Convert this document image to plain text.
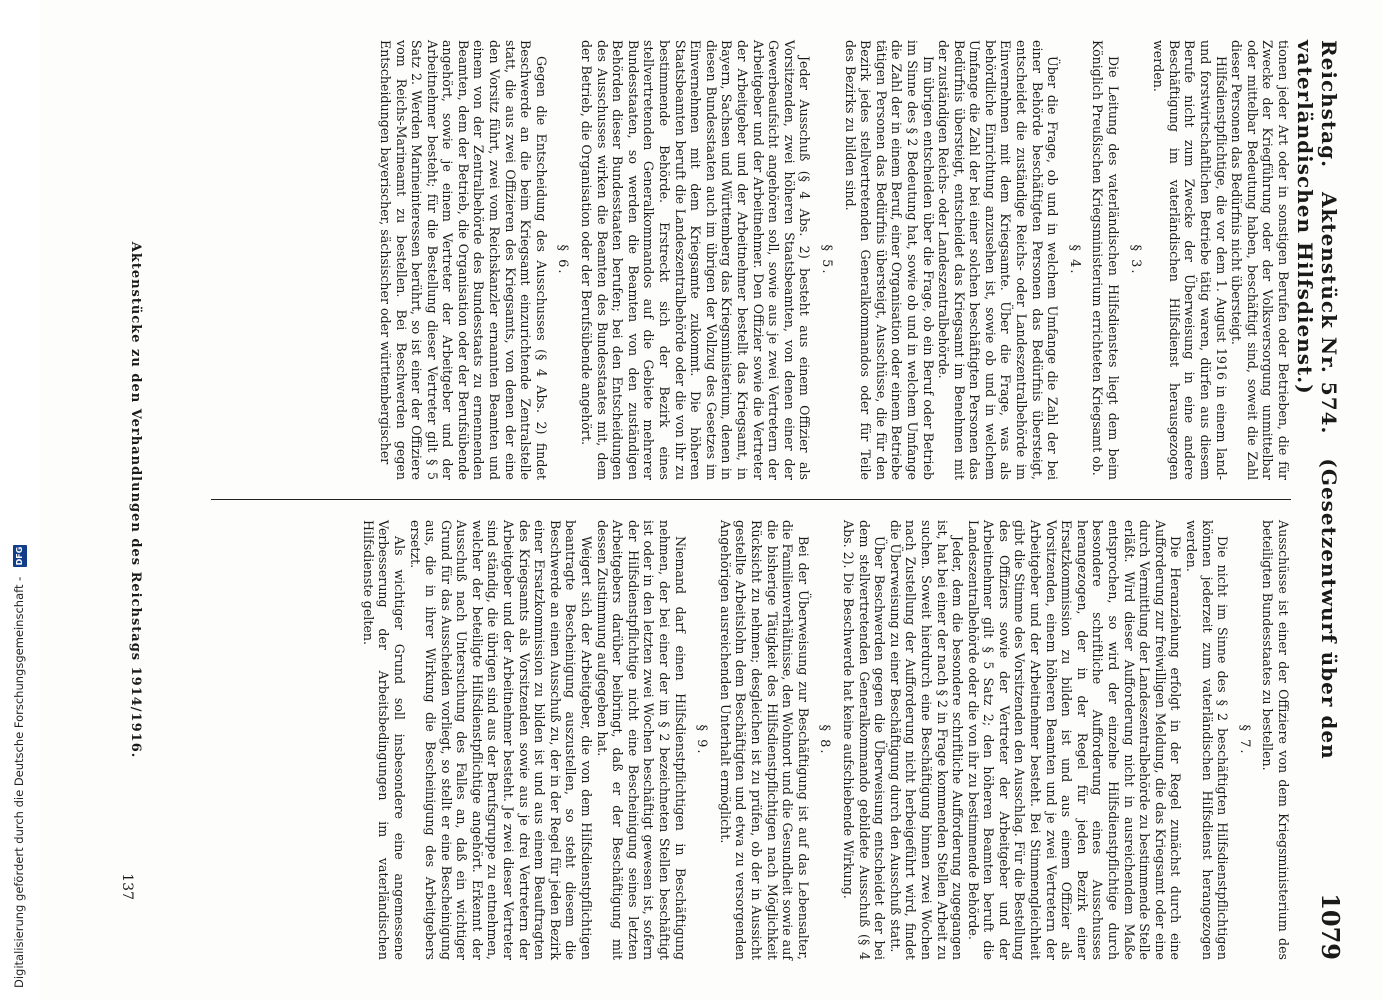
Digitalisierung gefördert durch die Deutsche Forschungsgemeinschaft - DFG
Reichstag.   Aktenstück Nr. 574.   (Gesetzentwurf über den vaterländischen Hilfsdienst.)
1079

tionen jeder Art oder in sonstigen Berufen oder Betrieben, die für Zwecke der Kriegführung oder der Volksversorgung unmittelbar oder mittelbar Bedeutung haben, beschäftigt sind, soweit die Zahl dieser Personen das Bedürfnis nicht übersteigt.

Hilfsdienstpflichtige, die vor dem 1. August 1916 in einem land- und forstwirtschaftlichen Betriebe tätig waren, dürfen aus diesem Berufe nicht zum Zwecke der Überweisung in eine andere Beschäftigung im vaterländischen Hilfsdienst herausgezogen werden.

§ 3.

Die Leitung des vaterländischen Hilfsdienstes liegt dem beim Königlich Preußischen Kriegsministerium errichteten Kriegsamt ob.

§ 4.

Über die Frage, ob und in welchem Umfange die Zahl der bei einer Behörde beschäftigten Personen das Bedürfnis übersteigt, entscheidet die zuständige Reichs- oder Landeszentralbehörde im Einvernehmen mit dem Kriegsamte. Über die Frage, was als behördliche Einrichtung anzusehen ist, sowie ob und in welchem Umfange die Zahl der bei einer solchen beschäftigten Personen das Bedürfnis übersteigt, entscheidet das Kriegsamt im Benehmen mit der zuständigen Reichs- oder Landeszentralbehörde.

Im übrigen entscheiden über die Frage, ob ein Beruf oder Betrieb im Sinne des § 2 Bedeutung hat, sowie ob und in welchem Umfange die Zahl der in einem Beruf, einer Organisation oder einem Betriebe tätigen Personen das Bedürfnis übersteigt, Ausschüsse, die für den Bezirk jedes stellvertretenden Generalkommandos oder für Teile des Bezirks zu bilden sind.

§ 5.

Jeder Ausschuß (§ 4 Abs. 2) besteht aus einem Offizier als Vorsitzenden, zwei höheren Staatsbeamten, von denen einer der Gewerbeaufsicht angehören soll, sowie aus je zwei Vertretern der Arbeitgeber und der Arbeitnehmer. Den Offizier sowie die Vertreter der Arbeitgeber und der Arbeitnehmer bestellt das Kriegsamt, in Bayern, Sachsen und Württemberg das Kriegsministerium, denen in diesen Bundesstaaten auch im übrigen der Vollzug des Gesetzes im Einvernehmen mit dem Kriegsamte zukommt. Die höheren Staatsbeamten beruft die Landeszentralbehörde oder die von ihr zu bestimmende Behörde. Erstreckt sich der Bezirk eines stellvertretenden Generalkommandos auf die Gebiete mehrerer Bundesstaaten, so werden die Beamten von den zuständigen Behörden dieser Bundesstaaten berufen; bei den Entscheidungen des Ausschusses wirken die Beamten des Bundesstaates mit, dem der Betrieb, die Organisation oder der Berufsübende angehört.

§ 6.

Gegen die Entscheidung des Ausschusses (§ 4 Abs. 2) findet Beschwerde an die beim Kriegsamt einzurichtende Zentralstelle statt, die aus zwei Offizieren des Kriegsamts, von denen der eine den Vorsitz führt, zwei vom Reichskanzler ernannten Beamten und einem von der Zentralbehörde des Bundesstaats zu ernennenden Beamten, dem der Betrieb, die Organisation oder der Berufsübende angehört, sowie je einem Vertreter der Arbeitgeber und der Arbeitnehmer besteht; für die Bestellung dieser Vertreter gilt § 5 Satz 2. Werden Marineinteressen berührt, so ist einer der Offiziere vom Reichs-Marineamt zu bestellen. Bei Beschwerden gegen Entscheidungen bayerischer, sächsischer oder württembergischer

Ausschüsse ist einer der Offiziere von dem Kriegsministerium des beteiligten Bundesstaates zu bestellen.

§ 7.

Die nicht im Sinne des § 2 beschäftigten Hilfsdienstpflichtigen können jederzeit zum vaterländischen Hilfsdienst herangezogen werden.

Die Heranziehung erfolgt in der Regel zunächst durch eine Aufforderung zur freiwilligen Meldung, die das Kriegsamt oder eine durch Vermittlung der Landeszentralbehörde zu bestimmende Stelle erläßt. Wird dieser Aufforderung nicht in ausreichendem Maße entsprochen, so wird der einzelne Hilfsdienstpflichtige durch besondere schriftliche Aufforderung eines Ausschusses herangezogen, der in der Regel für jeden Bezirk einer Ersatzkommission zu bilden ist und aus einem Offizier als Vorsitzenden, einem höheren Beamten und je zwei Vertretern der Arbeitgeber und der Arbeitnehmer besteht. Bei Stimmengleichheit gibt die Stimme des Vorsitzenden den Ausschlag. Für die Bestellung des Offiziers sowie der Vertreter der Arbeitgeber und der Arbeitnehmer gilt § 5 Satz 2; den höheren Beamten beruft die Landeszentralbehörde oder die von ihr zu bestimmende Behörde.

Jeder, dem die besondere schriftliche Aufforderung zugegangen ist, hat bei einer der nach § 2 in Frage kommenden Stellen Arbeit zu suchen. Soweit hierdurch eine Beschäftigung binnen zwei Wochen nach Zustellung der Aufforderung nicht herbeigeführt wird, findet die Überweisung zu einer Beschäftigung durch den Ausschuß statt.

Über Beschwerden gegen die Überweisung entscheidet der bei dem stellvertretenden Generalkommando gebildete Ausschuß (§ 4 Abs. 2). Die Beschwerde hat keine aufschiebende Wirkung.

§ 8.

Bei der Überweisung zur Beschäftigung ist auf das Lebensalter, die Familienverhältnisse, den Wohnort und die Gesundheit sowie auf die bisherige Tätigkeit des Hilfsdienstpflichtigen nach Möglichkeit Rücksicht zu nehmen; desgleichen ist zu prüfen, ob der in Aussicht gestellte Arbeitslohn dem Beschäftigten und etwa zu versorgenden Angehörigen ausreichenden Unterhalt ermöglicht.

§ 9.

Niemand darf einen Hilfsdienstpflichtigen in Beschäftigung nehmen, der bei einer der im § 2 bezeichneten Stellen beschäftigt ist oder in den letzten zwei Wochen beschäftigt gewesen ist, sofern der Hilfsdienstpflichtige nicht eine Bescheinigung seines letzten Arbeitgebers darüber beibringt, daß er der Beschäftigung mit dessen Zustimmung aufgegeben hat.

Weigert sich der Arbeitgeber, die von dem Hilfsdienstpflichtigen beantragte Bescheinigung auszustellen, so steht diesem die Beschwerde an einen Ausschuß zu, der in der Regel für jeden Bezirk einer Ersatzkommission zu bilden ist und aus einem Beauftragten des Kriegsamts als Vorsitzenden sowie aus je drei Vertretern der Arbeitgeber und der Arbeitnehmer besteht. Je zwei dieser Vertreter sind ständig, die übrigen sind aus der Berufsgruppe zu entnehmen, welcher der beteiligte Hilfsdienstpflichtige angehört. Erkennt der Ausschuß nach Untersuchung des Falles an, daß ein wichtiger Grund für das Ausscheiden vorliegt, so stellt er eine Bescheinigung aus, die in ihrer Wirkung die Bescheinigung des Arbeitgebers ersetzt.

Als wichtiger Grund soll insbesondere eine angemessene Verbesserung der Arbeitsbedingungen im vaterländischen Hilfsdienste gelten.

Aktenstücke zu den Verhandlungen des Reichstags 1914/1916.
137
